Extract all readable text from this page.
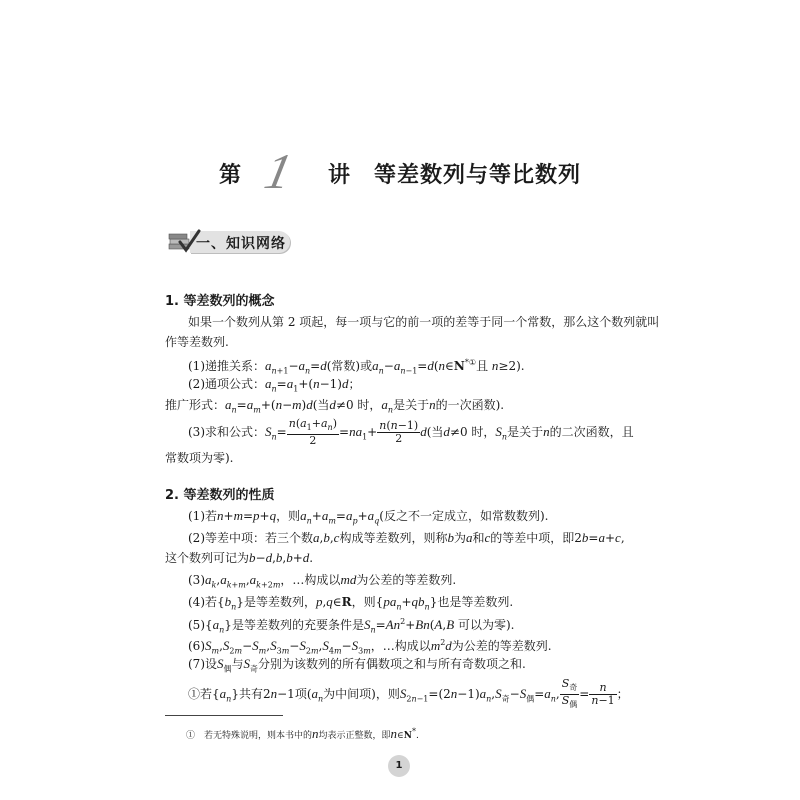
第 1 讲　等差数列与等比数列
一、知识网络
1. 等差数列的概念
如果一个数列从第 2 项起，每一项与它的前一项的差等于同一个常数，那么这个数列就叫
作等差数列.
(1)递推关系：$a_{n+1}-a_n=d$(常数)或$a_n-a_{n-1}=d(n\in N^{*①}$且 n≥2).
(2)通项公式：$a_n=a_1+(n-1)d$；
推广形式：$a_n=a_m+(n-m)d$(当d≠0 时，$a_n$是关于n的一次函数).
(3)求和公式：$S_n= \frac{n(a_1+a_n)}{2} =na_1+ \frac{n(n-1)}{2} d$(当d≠0 时，$S_n$是关于n的二次函数，且
常数项为零).
2. 等差数列的性质
(1)若n+m=p+q，则$a_n+a_m=a_p+a_q$(反之不一定成立，如常数数列).
(2)等差中项：若三个数a,b,c构成等差数列，则称b为a和c的等差中项，即2b=a+c,
这个数列可记为b−d,b,b+d.
$(3)a_k,a_{k+m},a_{k+2m}$，…构成以md为公差的等差数列.
(4)若$\{b_n\}$是等差数列，p,q∈R，则$\{pa_n+qb_n\}$也是等差数列.
$(5)\{a_n\}$是等差数列的充要条件是$S_n=An^2+Bn(A,B$ 可以为零).
$(6)S_m,S_{2m}-S_m,S_{3m}-S_{2m},S_{4m}-S_{3m}$，…构成以$m^2d$为公差的等差数列.
(7)设$S_偶$与$S_奇$分别为该数列的所有偶数项之和与所有奇数项之和.
①若$\{a_n\}$共有2n−1项($a_n$为中间项)，则$S_{2n-1}=(2n-1)a_n,S_奇-S_偶=a_n$, $\frac{S_奇}{S_偶} = \frac{n}{n-1}$ ；
①　若无特殊说明，则本书中的n均表示正整数，即n∈N*.
1
